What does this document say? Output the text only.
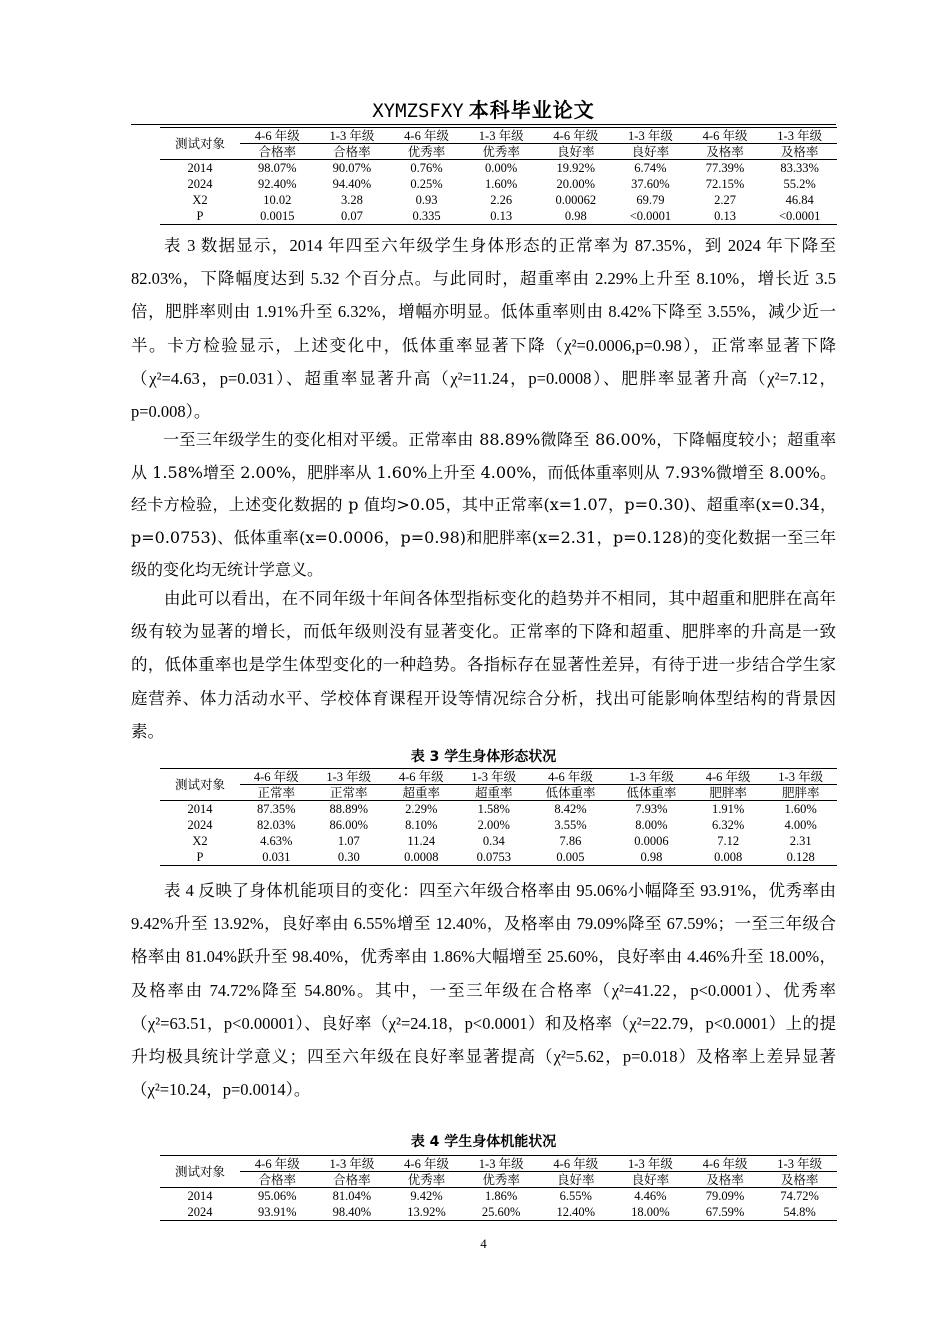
XYMZSFXY 本科毕业论文
测试对象	4-6 年级	1-3 年级	4-6 年级	1-3 年级	4-6 年级	1-3 年级	4-6 年级	1-3 年级
	合格率	合格率	优秀率	优秀率	良好率	良好率	及格率	及格率
2014	98.07%	90.07%	0.76%	0.00%	19.92%	6.74%	77.39%	83.33%
2024	92.40%	94.40%	0.25%	1.60%	20.00%	37.60%	72.15%	55.2%
X2	10.02	3.28	0.93	2.26	0.00062	69.79	2.27	46.84
P	0.0015	0.07	0.335	0.13	0.98	<0.0001	0.13	<0.0001

表 3 数据显示，2014 年四至六年级学生身体形态的正常率为 87.35%，到 2024 年下降至 82.03%，下降幅度达到 5.32 个百分点。与此同时，超重率由 2.29%上升至 8.10%，增长近 3.5 倍，肥胖率则由 1.91%升至 6.32%，增幅亦明显。低体重率则由 8.42%下降至 3.55%，减少近一半。卡方检验显示，上述变化中，低体重率显著下降（χ²=0.0006,p=0.98），正常率显著下降（χ²=4.63，p=0.031）、超重率显著升高（χ²=11.24，p=0.0008）、肥胖率显著升高（χ²=7.12，p=0.008）。

一至三年级学生的变化相对平缓。正常率由 88.89%微降至 86.00%，下降幅度较小；超重率从 1.58%增至 2.00%，肥胖率从 1.60%上升至 4.00%，而低体重率则从 7.93%微增至 8.00%。经卡方检验，上述变化数据的 p 值均>0.05，其中正常率(x=1.07，p=0.30)、超重率(x=0.34，p=0.0753)、低体重率(x=0.0006，p=0.98)和肥胖率(x=2.31，p=0.128)的变化数据一至三年级的变化均无统计学意义。

由此可以看出，在不同年级十年间各体型指标变化的趋势并不相同，其中超重和肥胖在高年级有较为显著的增长，而低年级则没有显著变化。正常率的下降和超重、肥胖率的升高是一致的，低体重率也是学生体型变化的一种趋势。各指标存在显著性差异，有待于进一步结合学生家庭营养、体力活动水平、学校体育课程开设等情况综合分析，找出可能影响体型结构的背景因素。

表 3 学生身体形态状况
测试对象	4-6 年级	1-3 年级	4-6 年级	1-3 年级	4-6 年级	1-3 年级	4-6 年级	1-3 年级
	正常率	正常率	超重率	超重率	低体重率	低体重率	肥胖率	肥胖率
2014	87.35%	88.89%	2.29%	1.58%	8.42%	7.93%	1.91%	1.60%
2024	82.03%	86.00%	8.10%	2.00%	3.55%	8.00%	6.32%	4.00%
X2	4.63%	1.07	11.24	0.34	7.86	0.0006	7.12	2.31
P	0.031	0.30	0.0008	0.0753	0.005	0.98	0.008	0.128

表 4 反映了身体机能项目的变化：四至六年级合格率由 95.06%小幅降至 93.91%，优秀率由 9.42%升至 13.92%，良好率由 6.55%增至 12.40%，及格率由 79.09%降至 67.59%；一至三年级合格率由 81.04%跃升至 98.40%，优秀率由 1.86%大幅增至 25.60%，良好率由 4.46%升至 18.00%，及格率由 74.72%降至 54.80%。其中，一至三年级在合格率（χ²=41.22，p<0.0001）、优秀率（χ²=63.51，p<0.00001）、良好率（χ²=24.18，p<0.0001）和及格率（χ²=22.79，p<0.0001）上的提升均极具统计学意义；四至六年级在良好率显著提高（χ²=5.62，p=0.018）及格率上差异显著（χ²=10.24，p=0.0014）。

表 4 学生身体机能状况
测试对象	4-6 年级	1-3 年级	4-6 年级	1-3 年级	4-6 年级	1-3 年级	4-6 年级	1-3 年级
	合格率	合格率	优秀率	优秀率	良好率	良好率	及格率	及格率
2014	95.06%	81.04%	9.42%	1.86%	6.55%	4.46%	79.09%	74.72%
2024	93.91%	98.40%	13.92%	25.60%	12.40%	18.00%	67.59%	54.8%
4
